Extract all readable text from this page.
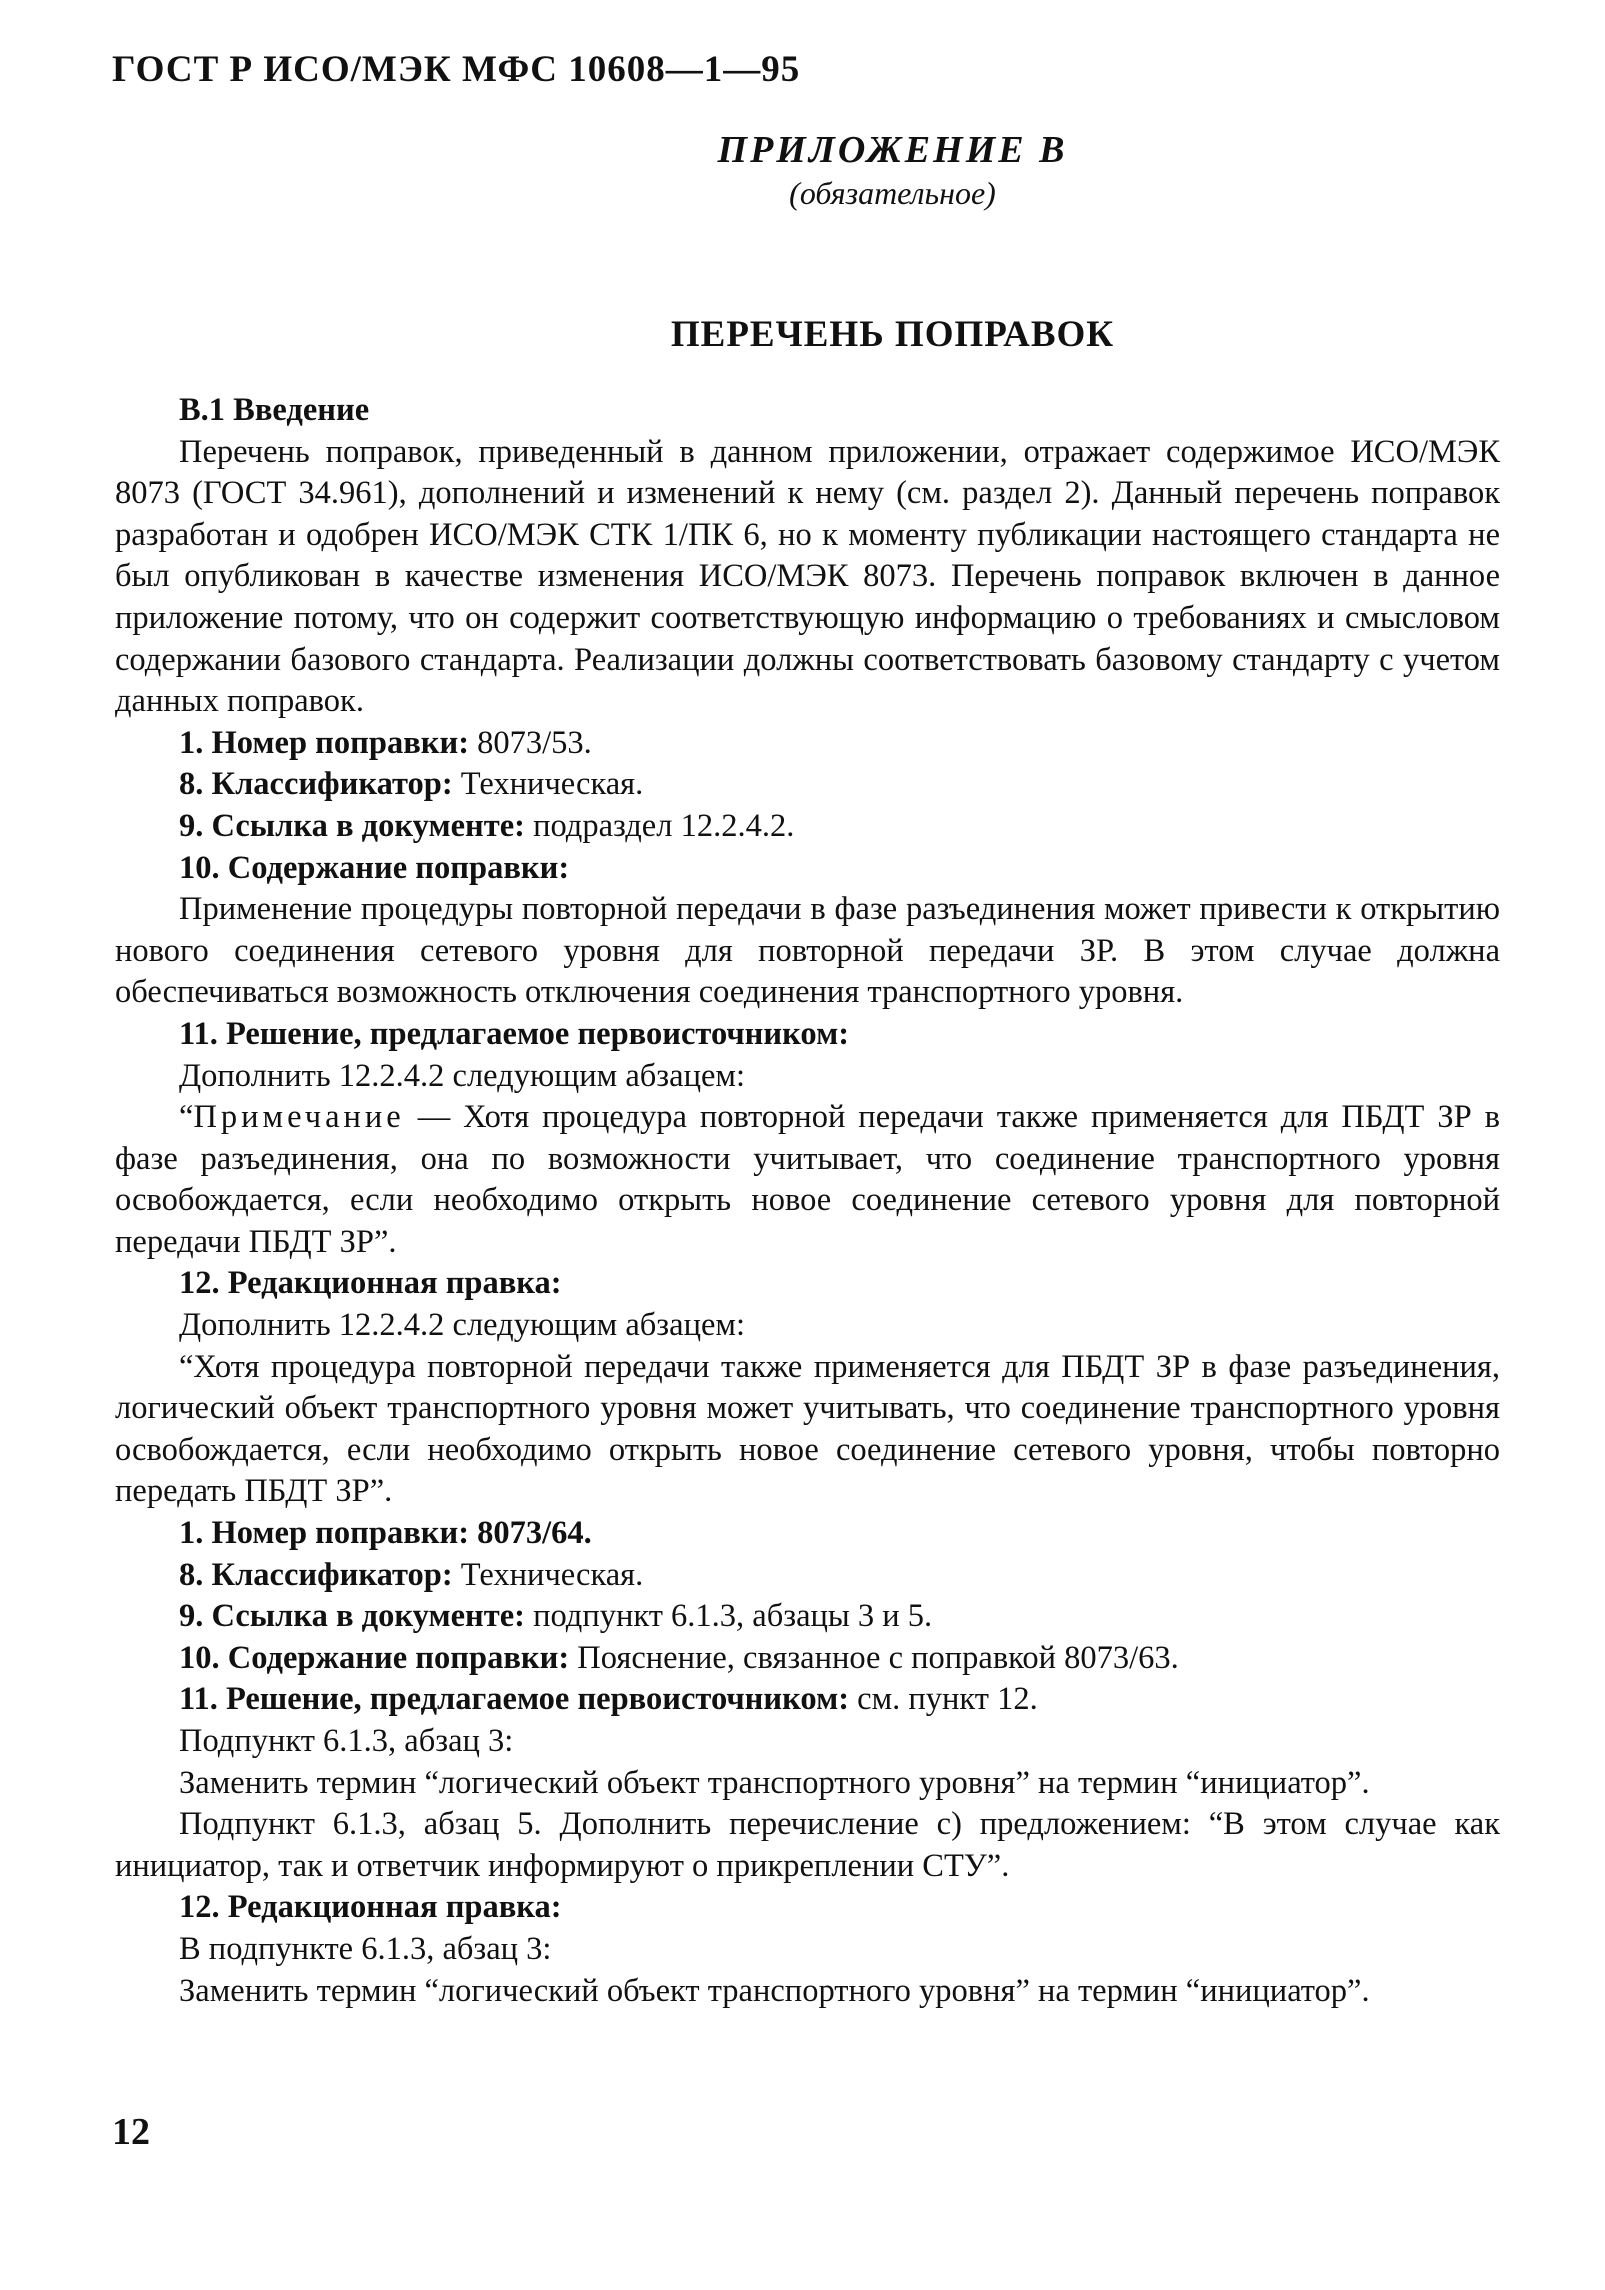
ГОСТ Р ИСО/МЭК МФС 10608—1—95
ПРИЛОЖЕНИЕ В
(обязательное)
ПЕРЕЧЕНЬ ПОПРАВОК

В.1 Введение

Перечень поправок, приведенный в данном приложении, отражает содержимое ИСО/МЭК 8073 (ГОСТ 34.961), дополнений и изменений к нему (см. раздел 2). Данный перечень поправок разработан и одобрен ИСО/МЭК СТК 1/ПК 6, но к моменту публикации настоящего стандарта не был опубликован в качестве изменения ИСО/МЭК 8073. Перечень поправок включен в данное приложение потому, что он содержит соответствующую информацию о требованиях и смысловом содержании базового стандарта. Реализации должны соответствовать базовому стандарту с учетом данных поправок.

1. Номер поправки: 8073/53.

8. Классификатор: Техническая.

9. Ссылка в документе: подраздел 12.2.4.2.

10. Содержание поправки:

Применение процедуры повторной передачи в фазе разъединения может привести к открытию нового соединения сетевого уровня для повторной передачи ЗР. В этом случае должна обеспечиваться возможность отключения соединения транспортного уровня.

11. Решение, предлагаемое первоисточником:

Дополнить 12.2.4.2 следующим абзацем:

“Примечание — Хотя процедура повторной передачи также применяется для ПБДТ ЗР в фазе разъединения, она по возможности учитывает, что соединение транспортного уровня освобождается, если необходимо открыть новое соединение сетевого уровня для повторной передачи ПБДТ ЗР”.

12. Редакционная правка:

Дополнить 12.2.4.2 следующим абзацем:

“Хотя процедура повторной передачи также применяется для ПБДТ ЗР в фазе разъединения, логический объект транспортного уровня может учитывать, что соединение транспортного уровня освобождается, если необходимо открыть новое соединение сетевого уровня, чтобы повторно передать ПБДТ ЗР”.

1. Номер поправки: 8073/64.

8. Классификатор: Техническая.

9. Ссылка в документе: подпункт 6.1.3, абзацы 3 и 5.

10. Содержание поправки: Пояснение, связанное с поправкой 8073/63.

11. Решение, предлагаемое первоисточником: см. пункт 12.

Подпункт 6.1.3, абзац 3:

Заменить термин “логический объект транспортного уровня” на термин “инициатор”.

Подпункт 6.1.3, абзац 5. Дополнить перечисление с) предложением: “В этом случае как инициатор, так и ответчик информируют о прикреплении СТУ”.

12. Редакционная правка:

В подпункте 6.1.3, абзац 3:

Заменить термин “логический объект транспортного уровня” на термин “инициатор”.

12
